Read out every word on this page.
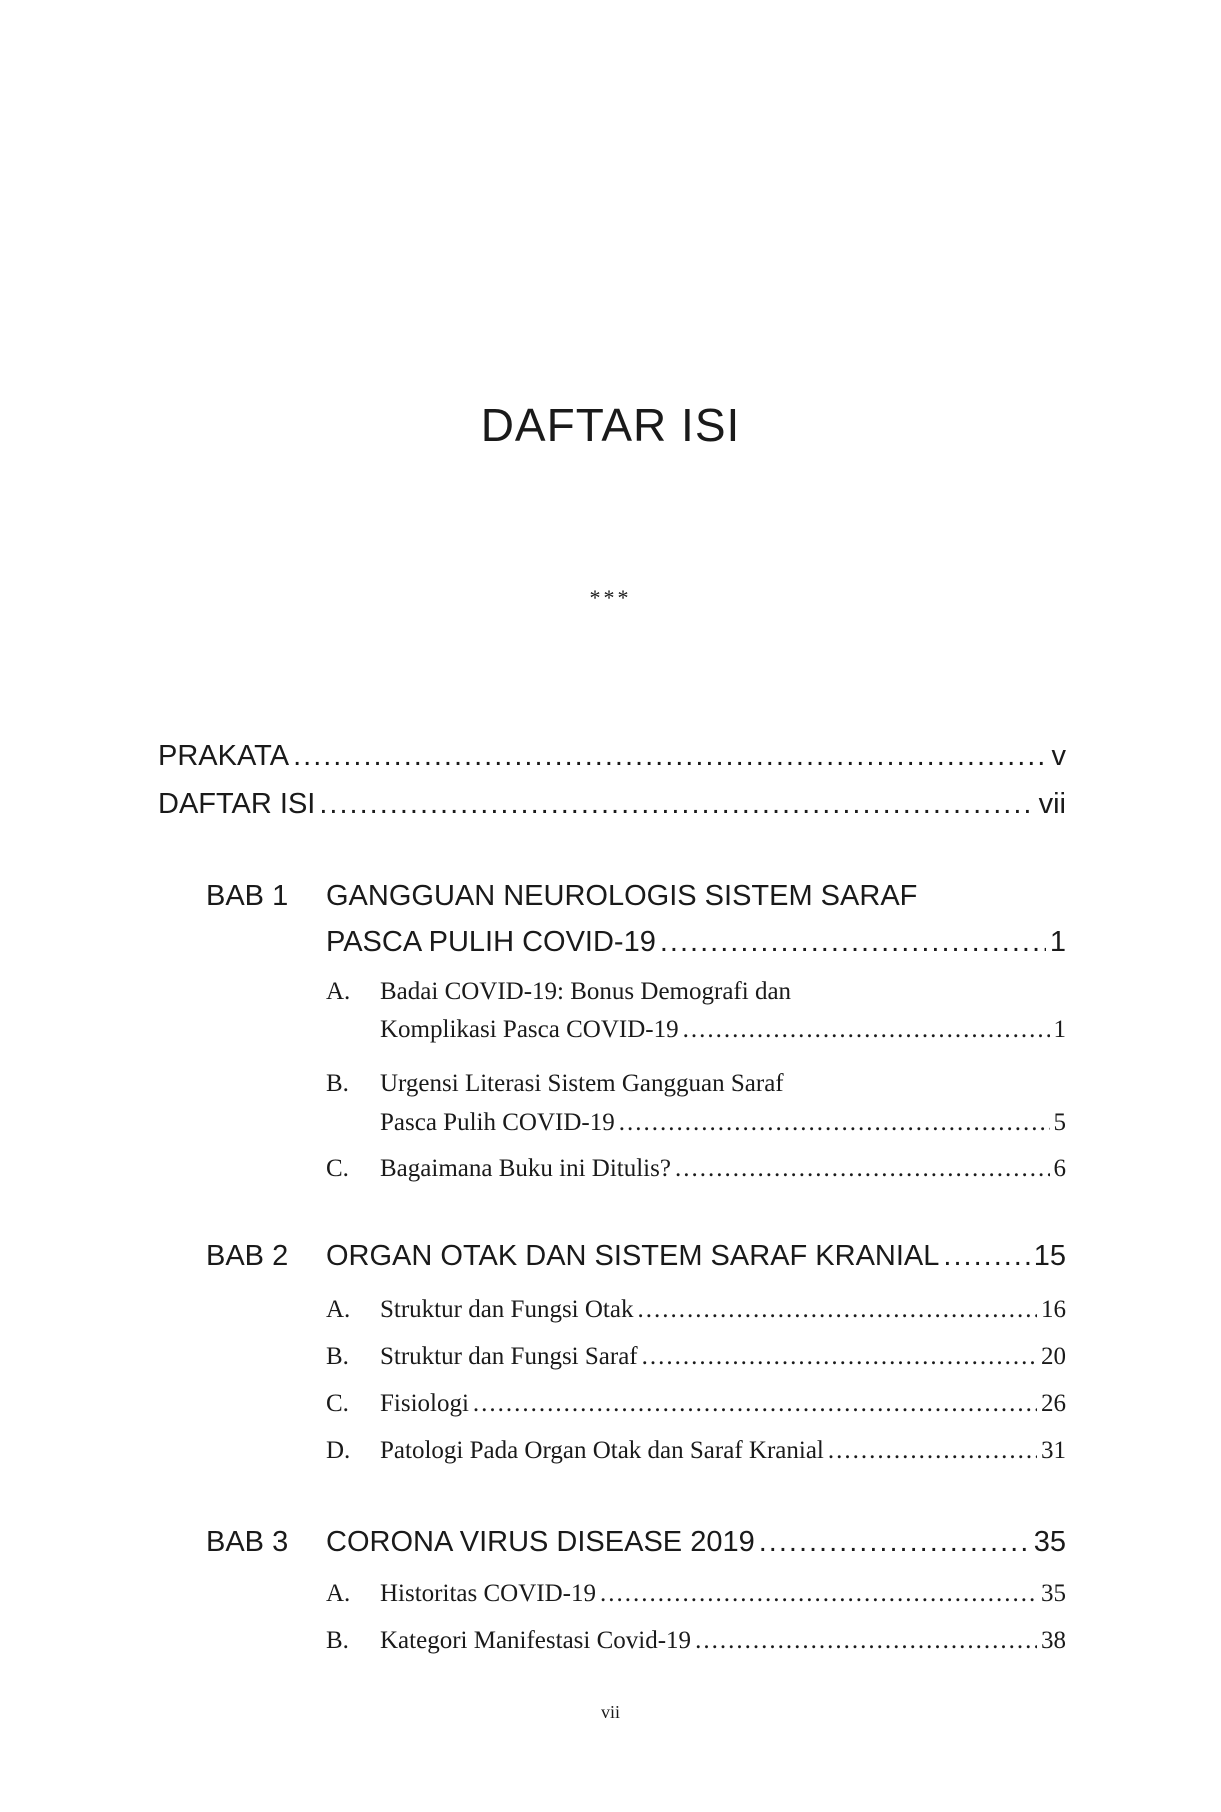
DAFTAR ISI
***
PRAKATA .....	v
DAFTAR ISI .....	vii
BAB 1 GANGGUAN NEUROLOGIS SISTEM SARAF
PASCA PULIH COVID-19 .....	1
A.	Badai COVID-19: Bonus Demografi dan
Komplikasi Pasca COVID-19 .....	1
B.	Urgensi Literasi Sistem Gangguan Saraf
Pasca Pulih COVID-19 .....	5
C.	Bagaimana Buku ini Ditulis? .....	6
BAB 2 ORGAN OTAK DAN SISTEM SARAF KRANIAL .....	15
A.	Struktur dan Fungsi Otak .....	16
B.	Struktur dan Fungsi Saraf .....	20
C.	Fisiologi .....	26
D.	Patologi Pada Organ Otak dan Saraf Kranial .....	31
BAB 3 CORONA VIRUS DISEASE 2019 .....	35
A.	Historitas COVID-19 .....	35
B.	Kategori Manifestasi Covid-19 .....	38
vii
